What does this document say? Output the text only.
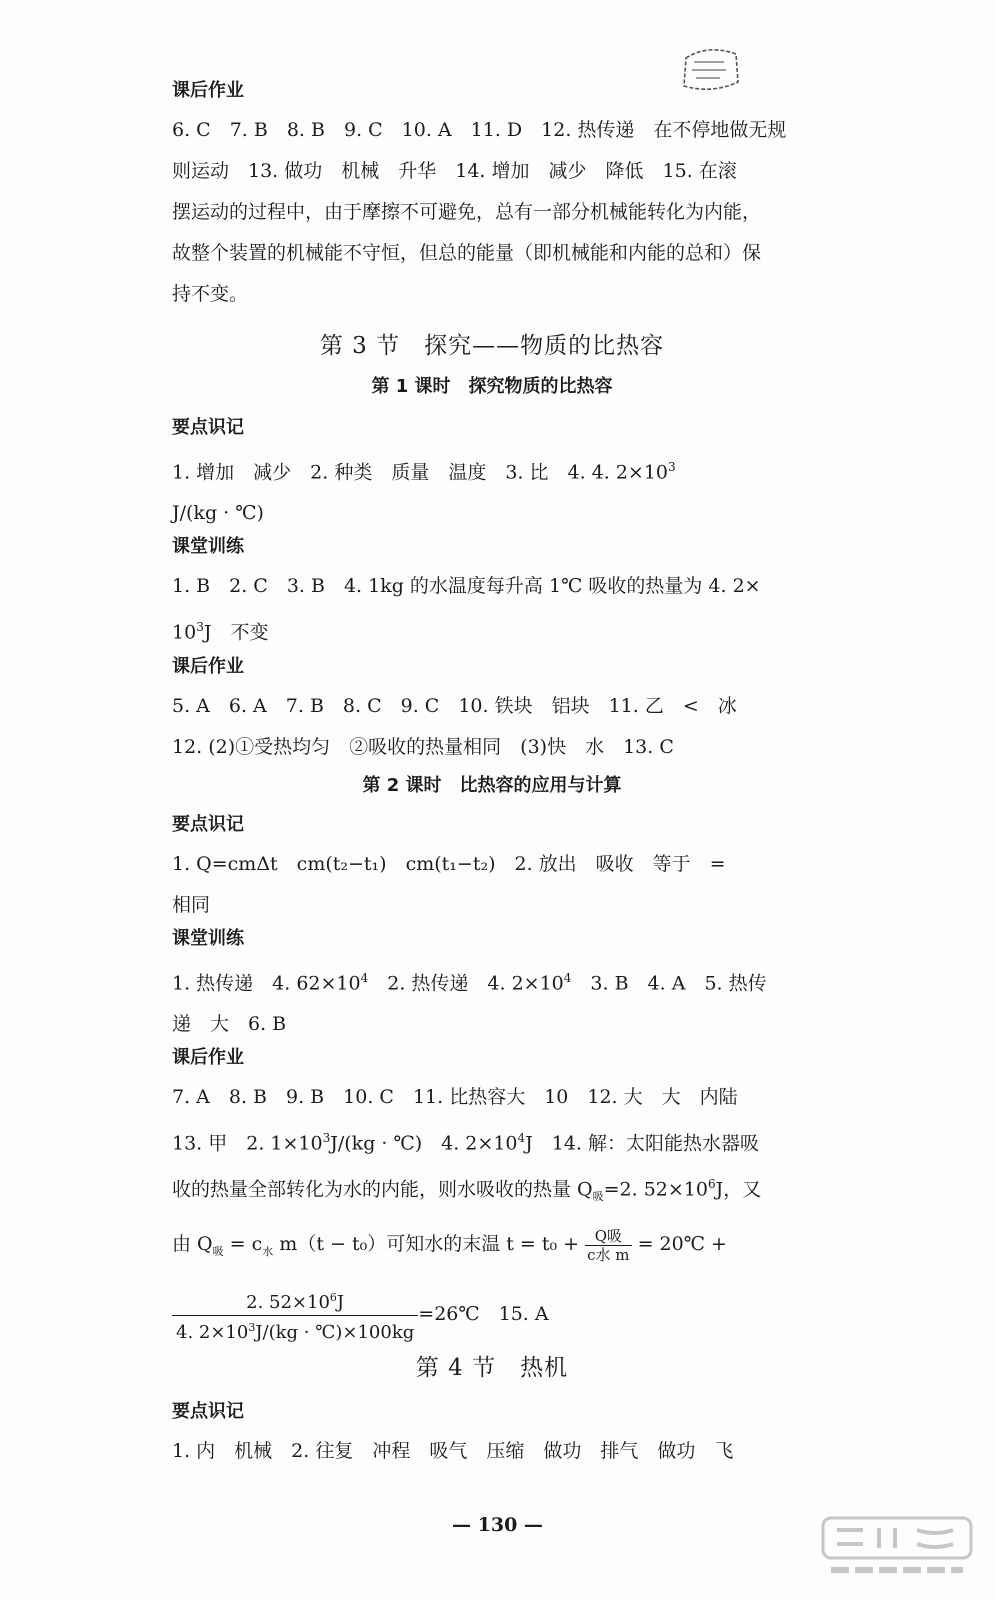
课后作业

6. C　7. B　8. B　9. C　10. A　11. D　12. 热传递　在不停地做无规

则运动　13. 做功　机械　升华　14. 增加　减少　降低　15. 在滚

摆运动的过程中，由于摩擦不可避免，总有一部分机械能转化为内能，

故整个装置的机械能不守恒，但总的能量（即机械能和内能的总和）保

持不变。

第 3 节　探究——物质的比热容

第 1 课时　探究物质的比热容

要点识记

1. 增加　减少　2. 种类　质量　温度　3. 比　4. 4. $2\times 10^3$

J/(kg · ℃)

课堂训练

1. B　2. C　3. B　4. 1kg 的水温度每升高 1℃ 吸收的热量为 4. 2×

$10^3J$　不变

课后作业

5. A　6. A　7. B　8. C　9. C　10. 铁块　铝块　11. 乙　<　冰

12. (2)①受热均匀　②吸收的热量相同　(3)快　水　13. C

第 2 课时　比热容的应用与计算

要点识记

1. Q=cmΔt　cm(t₂−t₁)　cm(t₁−t₂)　2. 放出　吸收　等于　=

相同

课堂训练

1. 热传递　4. $62\times 10^4$　2. 热传递　4. $2\times 10^4$　3. B　4. A　5. 热传

递　大　6. B

课后作业

7. A　8. B　9. B　10. C　11. 比热容大　10　12. 大　大　内陆

13. 甲　2. $1\times 10^3J/(kg$ · ℃)　4. $2\times 10^4J$　14. 解：太阳能热水器吸

收的热量全部转化为水的内能，则水吸收的热量 $Q_吸=2$. $52\times 10^6J$，又

由 $Q_吸 = c_水$ m（t − t₀）可知水的末温 $t = t_0 + \frac{\text{Q吸}}{\text{c水 m}}$ = 20℃ +

$\frac{2. 52\times 10^6J}{4. 2\times 10^3J/(kg \cdot ℃)\times 100kg}$ =26℃　15. A

第 4 节　热机

要点识记

1. 内　机械　2. 往复　冲程　吸气　压缩　做功　排气　做功　飞

— 130 —
